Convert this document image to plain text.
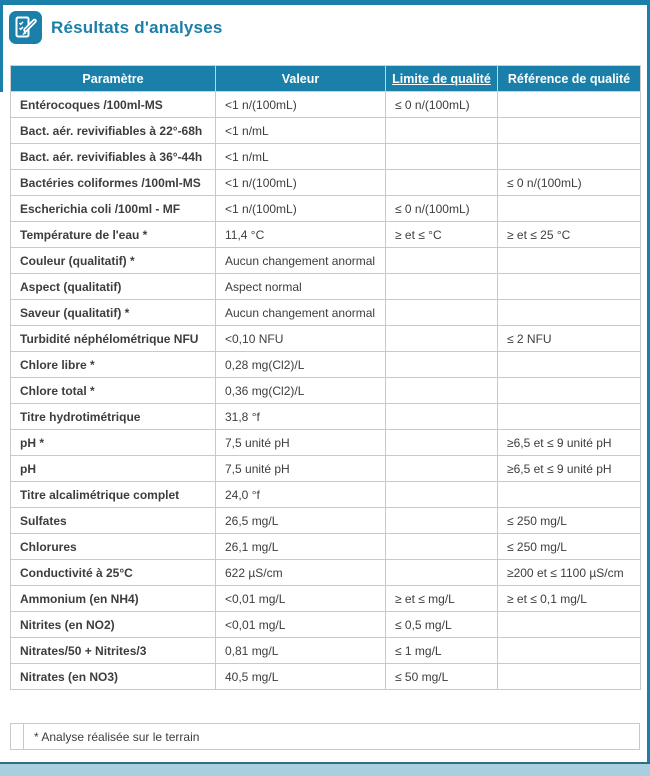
Résultats d'analyses
Paramètre	Valeur	Limite de qualité	Référence de qualité
Entérocoques /100ml-MS	<1 n/(100mL)	≤ 0 n/(100mL)	
Bact. aér. revivifiables à 22°-68h	<1 n/mL		
Bact. aér. revivifiables à 36°-44h	<1 n/mL		
Bactéries coliformes /100ml-MS	<1 n/(100mL)		≤ 0 n/(100mL)
Escherichia coli /100ml - MF	<1 n/(100mL)	≤ 0 n/(100mL)	
Température de l'eau *	11,4 °C	≥ et ≤ °C	≥ et ≤ 25 °C
Couleur (qualitatif) *	Aucun changement anormal		
Aspect (qualitatif)	Aspect normal		
Saveur (qualitatif) *	Aucun changement anormal		
Turbidité néphélométrique NFU	<0,10 NFU		≤ 2 NFU
Chlore libre *	0,28 mg(Cl2)/L		
Chlore total *	0,36 mg(Cl2)/L		
Titre hydrotimétrique	31,8 °f		
pH *	7,5 unité pH		≥6,5 et ≤ 9 unité pH
pH	7,5 unité pH		≥6,5 et ≤ 9 unité pH
Titre alcalimétrique complet	24,0 °f		
Sulfates	26,5 mg/L		≤ 250 mg/L
Chlorures	26,1 mg/L		≤ 250 mg/L
Conductivité à 25°C	622 µS/cm		≥200 et ≤ 1100 µS/cm
Ammonium (en NH4)	<0,01 mg/L	≥ et ≤ mg/L	≥ et ≤ 0,1 mg/L
Nitrites (en NO2)	<0,01 mg/L	≤ 0,5 mg/L	
Nitrates/50 + Nitrites/3	0,81 mg/L	≤ 1 mg/L	
Nitrates (en NO3)	40,5 mg/L	≤ 50 mg/L	
* Analyse réalisée sur le terrain
